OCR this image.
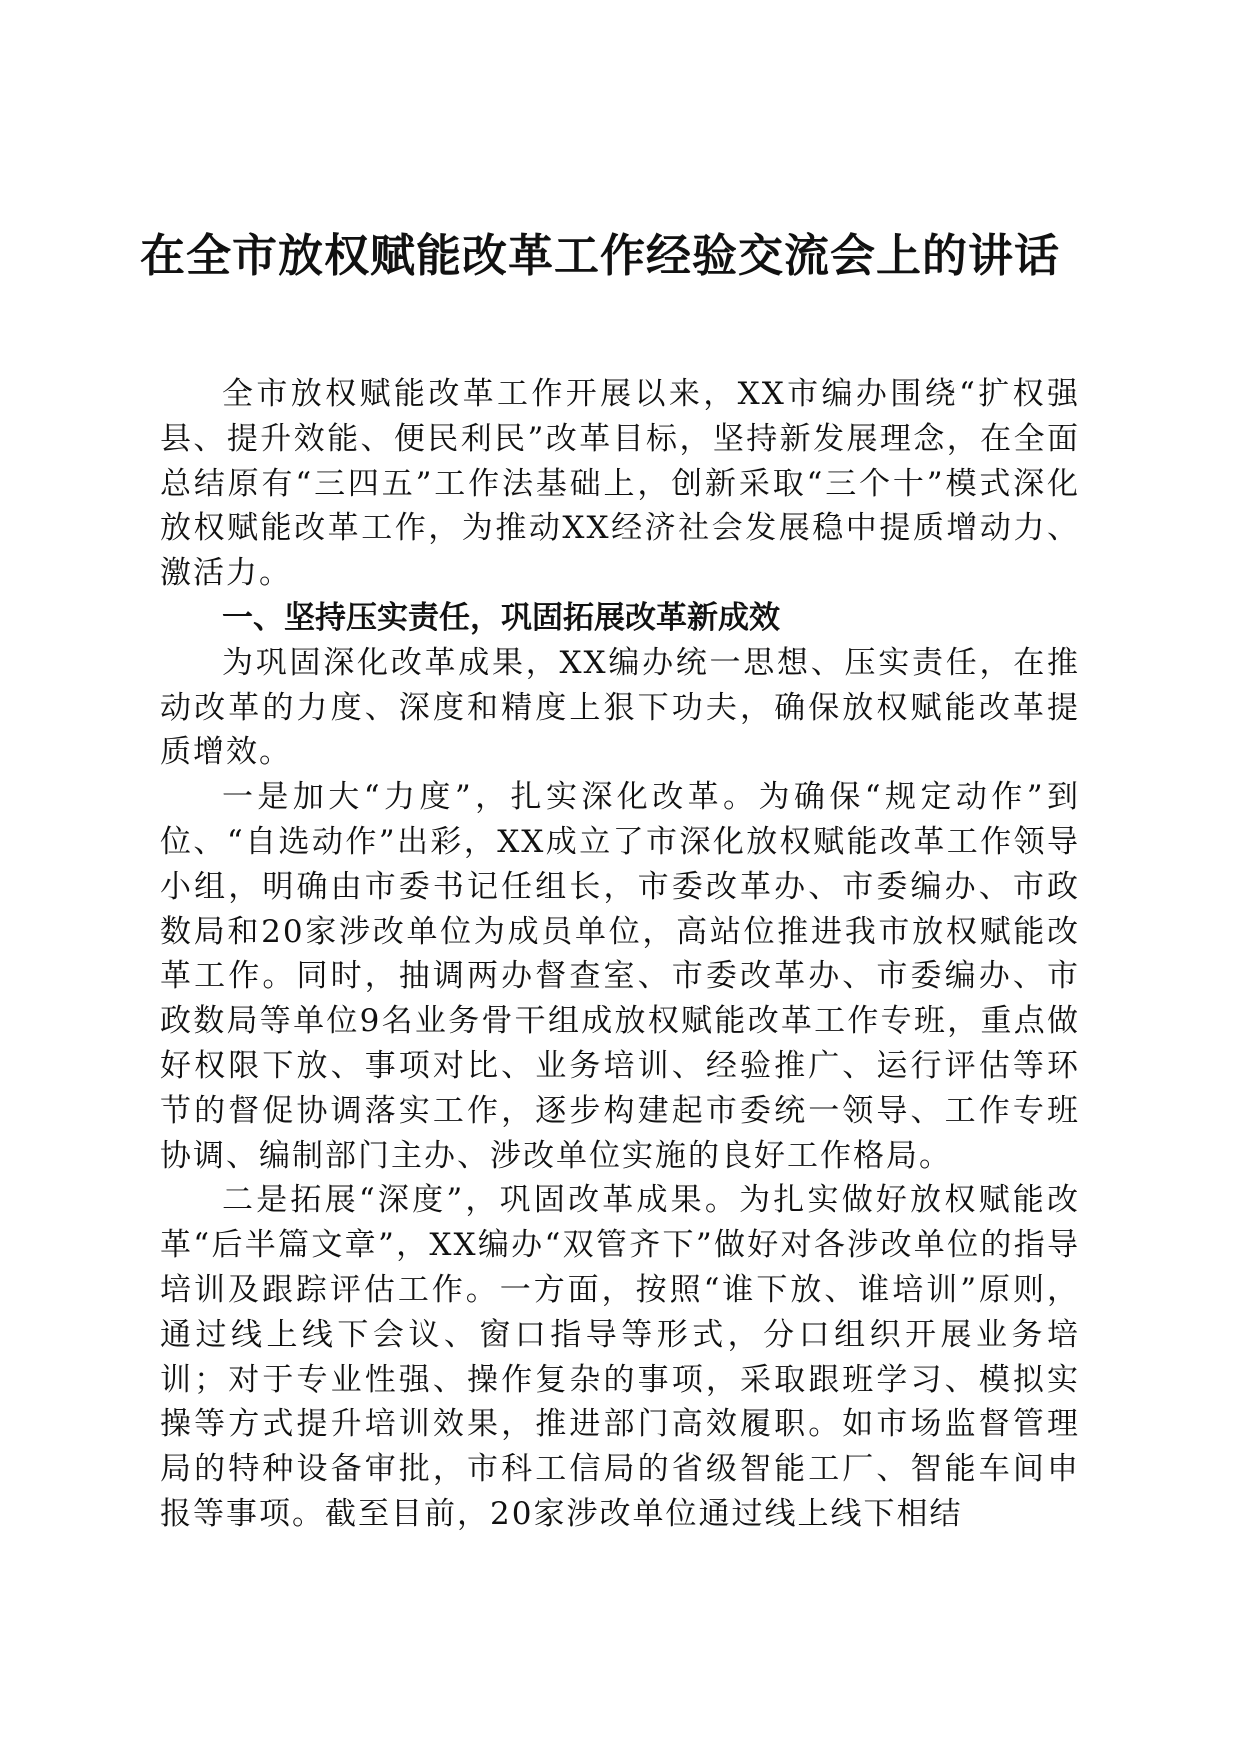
在全市放权赋能改革工作经验交流会上的讲话

全市放权赋能改革工作开展以来，XX市编办围绕“扩权强县、提升效能、便民利民”改革目标，坚持新发展理念，在全面总结原有“三四五”工作法基础上，创新采取“三个十”模式深化放权赋能改革工作，为推动XX经济社会发展稳中提质增动力、激活力。

一、坚持压实责任，巩固拓展改革新成效

为巩固深化改革成果，XX编办统一思想、压实责任，在推动改革的力度、深度和精度上狠下功夫，确保放权赋能改革提质增效。

一是加大“力度”，扎实深化改革。为确保“规定动作”到位、“自选动作”出彩，XX成立了市深化放权赋能改革工作领导小组，明确由市委书记任组长，市委改革办、市委编办、市政数局和20家涉改单位为成员单位，高站位推进我市放权赋能改革工作。同时，抽调两办督查室、市委改革办、市委编办、市政数局等单位9名业务骨干组成放权赋能改革工作专班，重点做好权限下放、事项对比、业务培训、经验推广、运行评估等环节的督促协调落实工作，逐步构建起市委统一领导、工作专班协调、编制部门主办、涉改单位实施的良好工作格局。

二是拓展“深度”，巩固改革成果。为扎实做好放权赋能改革“后半篇文章”，XX编办“双管齐下”做好对各涉改单位的指导培训及跟踪评估工作。一方面，按照“谁下放、谁培训”原则，通过线上线下会议、窗口指导等形式，分口组织开展业务培训；对于专业性强、操作复杂的事项，采取跟班学习、模拟实操等方式提升培训效果，推进部门高效履职。如市场监督管理局的特种设备审批，市科工信局的省级智能工厂、智能车间申报等事项。截至目前，20家涉改单位通过线上线下相结
